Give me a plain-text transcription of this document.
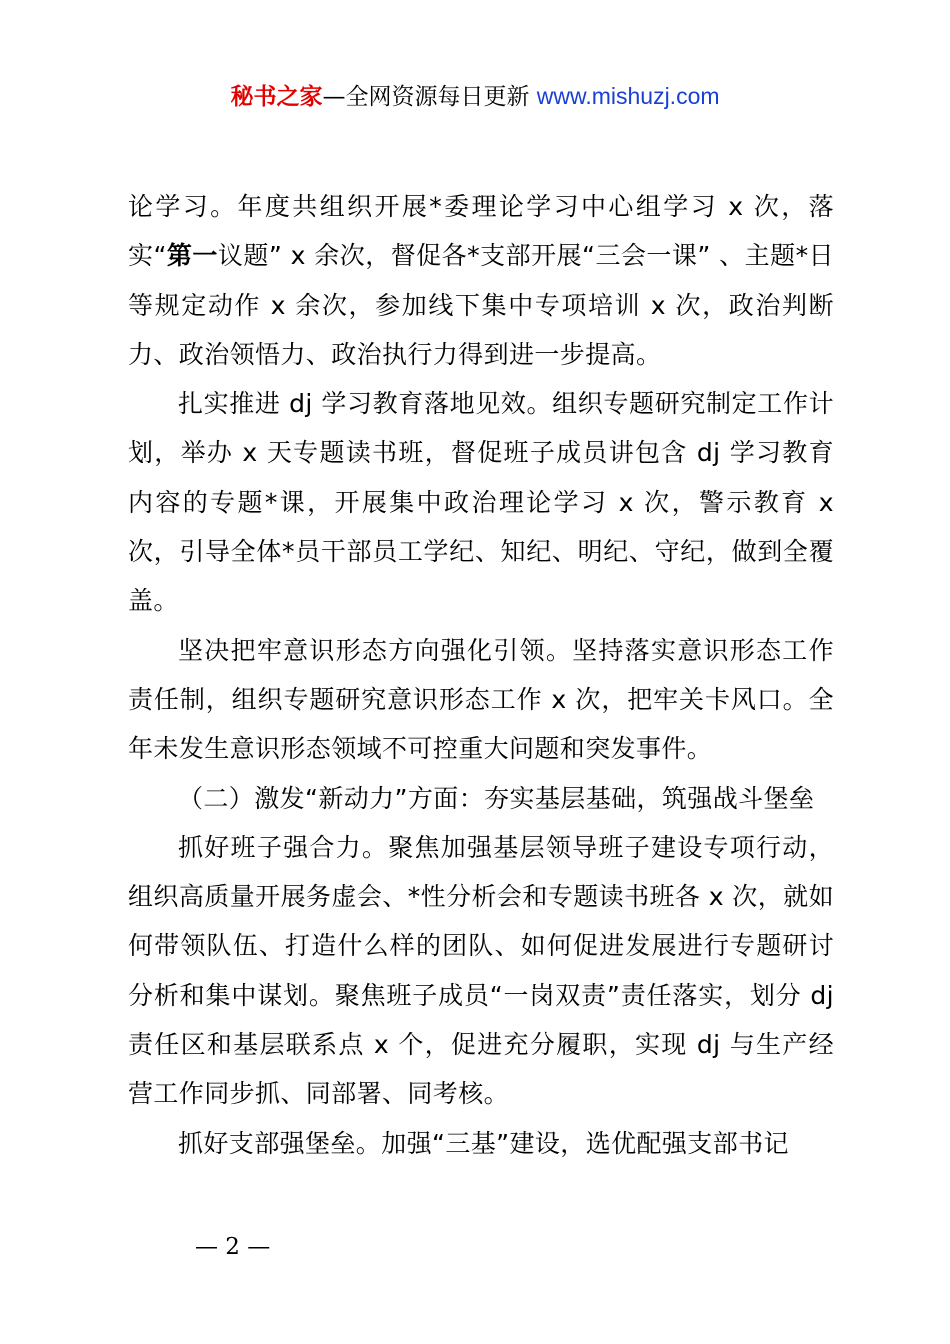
秘书之家—全网资源每日更新 www.mishuzj.com

论学习。年度共组织开展*委理论学习中心组学习 x 次，落实“第一议题” x 余次，督促各*支部开展“三会一课” 、主题*日等规定动作 x 余次，参加线下集中专项培训 x 次，政治判断力、政治领悟力、政治执行力得到进一步提高。

扎实推进 dj 学习教育落地见效。组织专题研究制定工作计划，举办 x 天专题读书班，督促班子成员讲包含 dj 学习教育内容的专题*课，开展集中政治理论学习 x 次，警示教育 x 次，引导全体*员干部员工学纪、知纪、明纪、守纪，做到全覆盖。

坚决把牢意识形态方向强化引领。坚持落实意识形态工作责任制，组织专题研究意识形态工作 x 次，把牢关卡风口。全年未发生意识形态领域不可控重大问题和突发事件。

（二）激发“新动力”方面：夯实基层基础，筑强战斗堡垒

抓好班子强合力。聚焦加强基层领导班子建设专项行动，组织高质量开展务虚会、*性分析会和专题读书班各 x 次，就如何带领队伍、打造什么样的团队、如何促进发展进行专题研讨分析和集中谋划。聚焦班子成员“一岗双责”责任落实，划分 dj 责任区和基层联系点 x 个，促进充分履职，实现 dj 与生产经营工作同步抓、同部署、同考核。

抓好支部强堡垒。加强“三基”建设，选优配强支部书记

— 2 —
